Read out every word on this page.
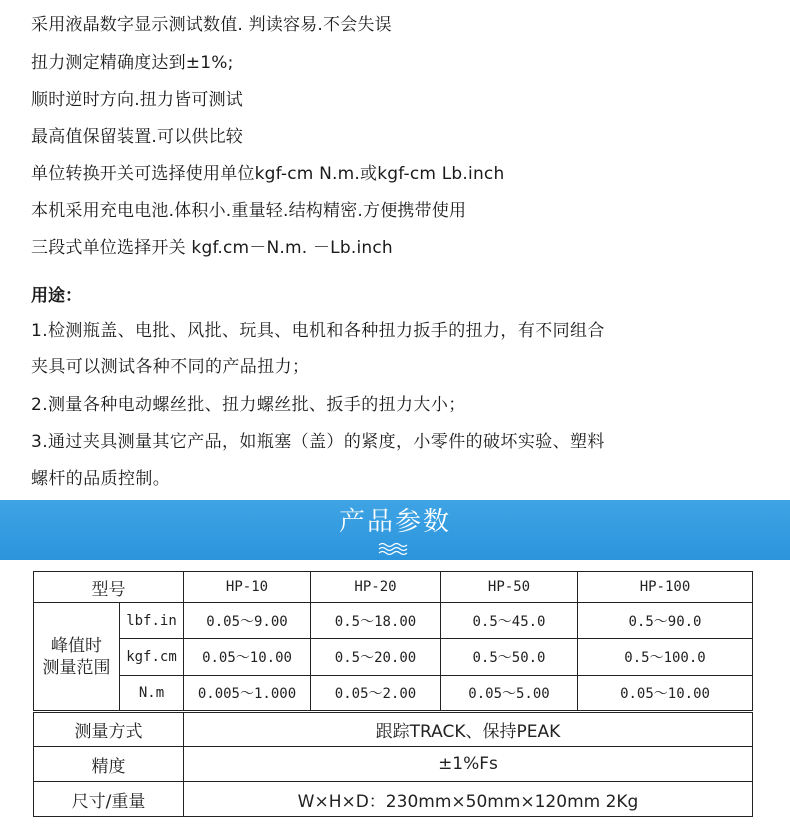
采用液晶数字显示测试数值. 判读容易.不会失误
扭力测定精确度达到±1%;
顺时逆时方向.扭力皆可测试
最高值保留装置.可以供比较
单位转换开关可选择使用单位kgf-cm N.m.或kgf-cm Lb.inch
本机采用充电电池.体积小.重量轻.结构精密.方便携带使用
三段式单位选择开关 kgf.cm－N.m. －Lb.inch
用途：
1.检测瓶盖、电批、风批、玩具、电机和各种扭力扳手的扭力，有不同组合
夹具可以测试各种不同的产品扭力；
2.测量各种电动螺丝批、扭力螺丝批、扳手的扭力大小；
3.通过夹具测量其它产品，如瓶塞（盖）的紧度，小零件的破坏实验、塑料
螺杆的品质控制。
产品参数
型号		HP-10	HP-20	HP-50	HP-100

峰值时
测量范围	lbf.in	0.05～9.00	0.5～18.00	0.5～45.0	0.5～90.0
	kgf.cm	0.05～10.00	0.5～20.00	0.5～50.0	0.5～100.0
	N.m	0.005～1.000	0.05～2.00	0.05～5.00	0.05～10.00
测量方式		跟踪TRACK、保持PEAK			
精度		±1%Fs			
尺寸/重量		W×H×D：230mm×50mm×120mm 2Kg			
